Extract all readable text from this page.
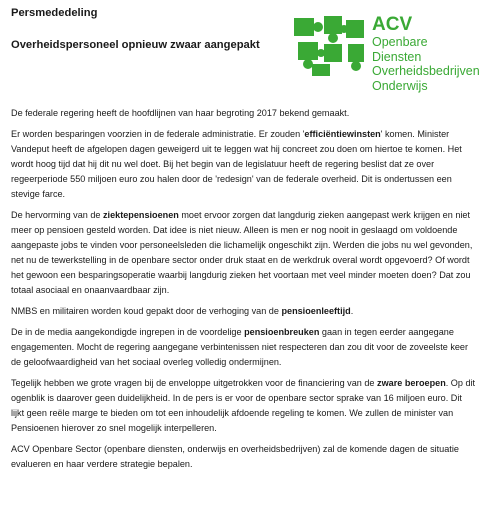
Persmededeling
Overheidspersoneel opnieuw zwaar aangepakt
ACV
Openbare Diensten
Overheidsbedrijven
Onderwijs

De federale regering heeft de hoofdlijnen van haar begroting 2017 bekend gemaakt.

Er worden besparingen voorzien in de federale administratie. Er zouden 'efficiëntiewinsten' komen. Minister Vandeput heeft de afgelopen dagen geweigerd uit te leggen wat hij concreet zou doen om hiertoe te komen. Het wordt hoog tijd dat hij dit nu wel doet. Bij het begin van de legislatuur heeft de regering beslist dat ze over regeerperiode 550 miljoen euro zou halen door de 'redesign' van de federale overheid. Dit is ondertussen een stevige farce.

De hervorming van de ziektepensioenen moet ervoor zorgen dat langdurig zieken aangepast werk krijgen en niet meer op pensioen gesteld worden. Dat idee is niet nieuw. Alleen is men er nog nooit in geslaagd om voldoende aangepaste jobs te vinden voor personeelsleden die lichamelijk ongeschikt zijn. Werden die jobs nu wel gevonden, net nu de tewerkstelling in de openbare sector onder druk staat en de werkdruk overal wordt opgevoerd? Of wordt het gewoon een besparingsoperatie waarbij langdurig zieken het voortaan met veel minder moeten doen? Dat zou totaal asociaal en onaanvaardbaar zijn.

NMBS en militairen worden koud gepakt door de verhoging van de pensioenleeftijd.

De in de media aangekondigde ingrepen in de voordelige pensioenbreuken gaan in tegen eerder aangegane engagementen. Mocht de regering aangegane verbintenissen niet respecteren dan zou dit voor de zoveelste keer de geloofwaardigheid van het sociaal overleg volledig ondermijnen.

Tegelijk hebben we grote vragen bij de enveloppe uitgetrokken voor de financiering van de zware beroepen. Op dit ogenblik is daarover geen duidelijkheid. In de pers is er voor de openbare sector sprake van 16 miljoen euro. Dit lijkt geen reële marge te bieden om tot een inhoudelijk afdoende regeling te komen. We zullen de minister van Pensioenen hierover zo snel mogelijk interpelleren.

ACV Openbare Sector (openbare diensten, onderwijs en overheidsbedrijven) zal de komende dagen de situatie evalueren en haar verdere strategie bepalen.
